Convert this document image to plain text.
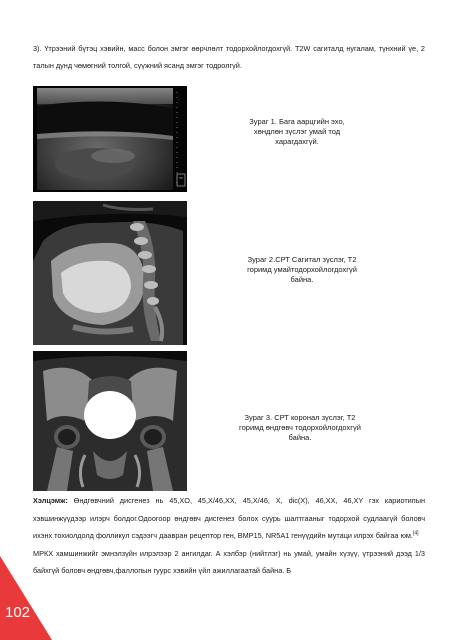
3). Үтрээний бүтэц хэвийн, масс болон эмгэг өөрчлөлт тодорхойлогдохгүй. T2W сагиталд нугалам, түнхний үе, 2 талын дунд чөмөгний толгой, сүүжний ясанд эмгэг тодролгүй.

-

Зураг 1. Бага аарцгийн эхо, хөндлөн зүслэг умай тод харагдахгүй.

Зураг 2.СРТ Сагитал зүслэг, Т2 горимд умайтодорхойлогдохгүй байна.

Зураг 3. СРТ коронал зүслэг, Т2 горимд өндгөвч тодорхойлогдохгүй байна.

Хэлцэмж: Өндгөвчний дисгенез нь 45,XO, 45,X/46,XX, 45,X/46, X, dic(X), 46,XX, 46,XY гэх кариотипын хэвшинжүүдээр илэрч болдог.Одоогоор өндгөвч дисгенез болох суурь шалтгааныг тодорхой судлаагүй боловч ихэнх тохиолдолд фолликул сэдээгч даавран рецептор ген, BMP15, NR5A1 генүүдийн мутаци илрэх байгаа юм.[4]
МРКХ хамшинжийг эмнэлзүйн илрэлээр 2 ангилдаг. А хэлбэр (нийтлэг) нь умай, умайн хүзүү, үтрээний дээд 1/3 байхгүй боловч өндгөвч,фаллопын гуурс хэвийн үйл ажиллагаатай байна. Б

102
